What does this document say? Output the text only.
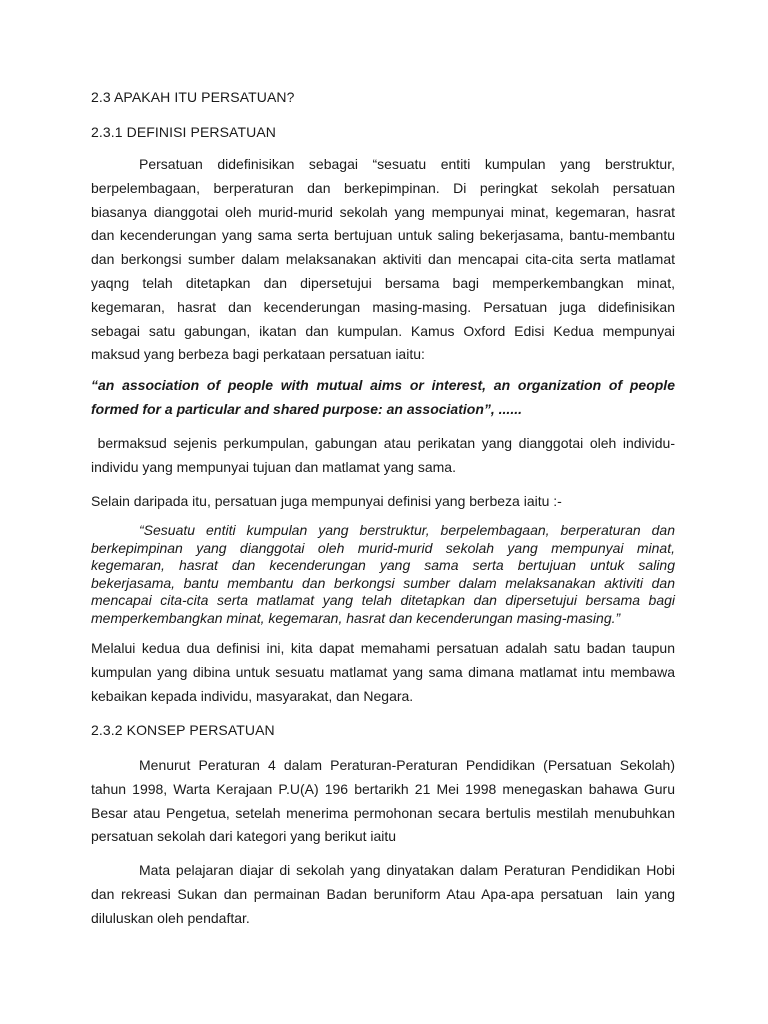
2.3 APAKAH ITU PERSATUAN?
2.3.1 DEFINISI PERSATUAN

Persatuan didefinisikan sebagai “sesuatu entiti kumpulan yang berstruktur,
berpelembagaan, berperaturan dan berkepimpinan. Di peringkat sekolah persatuan
biasanya dianggotai oleh murid-murid sekolah yang mempunyai minat, kegemaran, hasrat
dan kecenderungan yang sama serta bertujuan untuk saling bekerjasama, bantu-membantu
dan berkongsi sumber dalam melaksanakan aktiviti dan mencapai cita-cita serta matlamat
yaqng telah ditetapkan dan dipersetujui bersama bagi memperkembangkan minat,
kegemaran, hasrat dan kecenderungan masing-masing. Persatuan juga didefinisikan
sebagai satu gabungan, ikatan dan kumpulan. Kamus Oxford Edisi Kedua mempunyai
maksud yang berbeza bagi perkataan persatuan iaitu:

“an association of people with mutual aims or interest, an organization of people
formed for a particular and shared purpose: an association”, ......

bermaksud sejenis perkumpulan, gabungan atau perikatan yang dianggotai oleh individu-
individu yang mempunyai tujuan dan matlamat yang sama.

Selain daripada itu, persatuan juga mempunyai definisi yang berbeza iaitu :-

“Sesuatu entiti kumpulan yang berstruktur, berpelembagaan, berperaturan dan
berkepimpinan yang dianggotai oleh murid-murid sekolah yang mempunyai minat,
kegemaran, hasrat dan kecenderungan yang sama serta bertujuan untuk saling
bekerjasama, bantu membantu dan berkongsi sumber dalam melaksanakan aktiviti dan
mencapai cita-cita serta matlamat yang telah ditetapkan dan dipersetujui bersama bagi
memperkembangkan minat, kegemaran, hasrat dan kecenderungan masing-masing.”

Melalui kedua dua definisi ini, kita dapat memahami persatuan adalah satu badan taupun
kumpulan yang dibina untuk sesuatu matlamat yang sama dimana matlamat intu membawa
kebaikan kepada individu, masyarakat, dan Negara.

2.3.2 KONSEP PERSATUAN

Menurut Peraturan 4 dalam Peraturan-Peraturan Pendidikan (Persatuan Sekolah)
tahun 1998, Warta Kerajaan P.U(A) 196 bertarikh 21 Mei 1998 menegaskan bahawa Guru
Besar atau Pengetua, setelah menerima permohonan secara bertulis mestilah menubuhkan
persatuan sekolah dari kategori yang berikut iaitu

Mata pelajaran diajar di sekolah yang dinyatakan dalam Peraturan Pendidikan Hobi
dan rekreasi Sukan dan permainan Badan beruniform Atau Apa-apa persatuan  lain yang
diluluskan oleh pendaftar.
